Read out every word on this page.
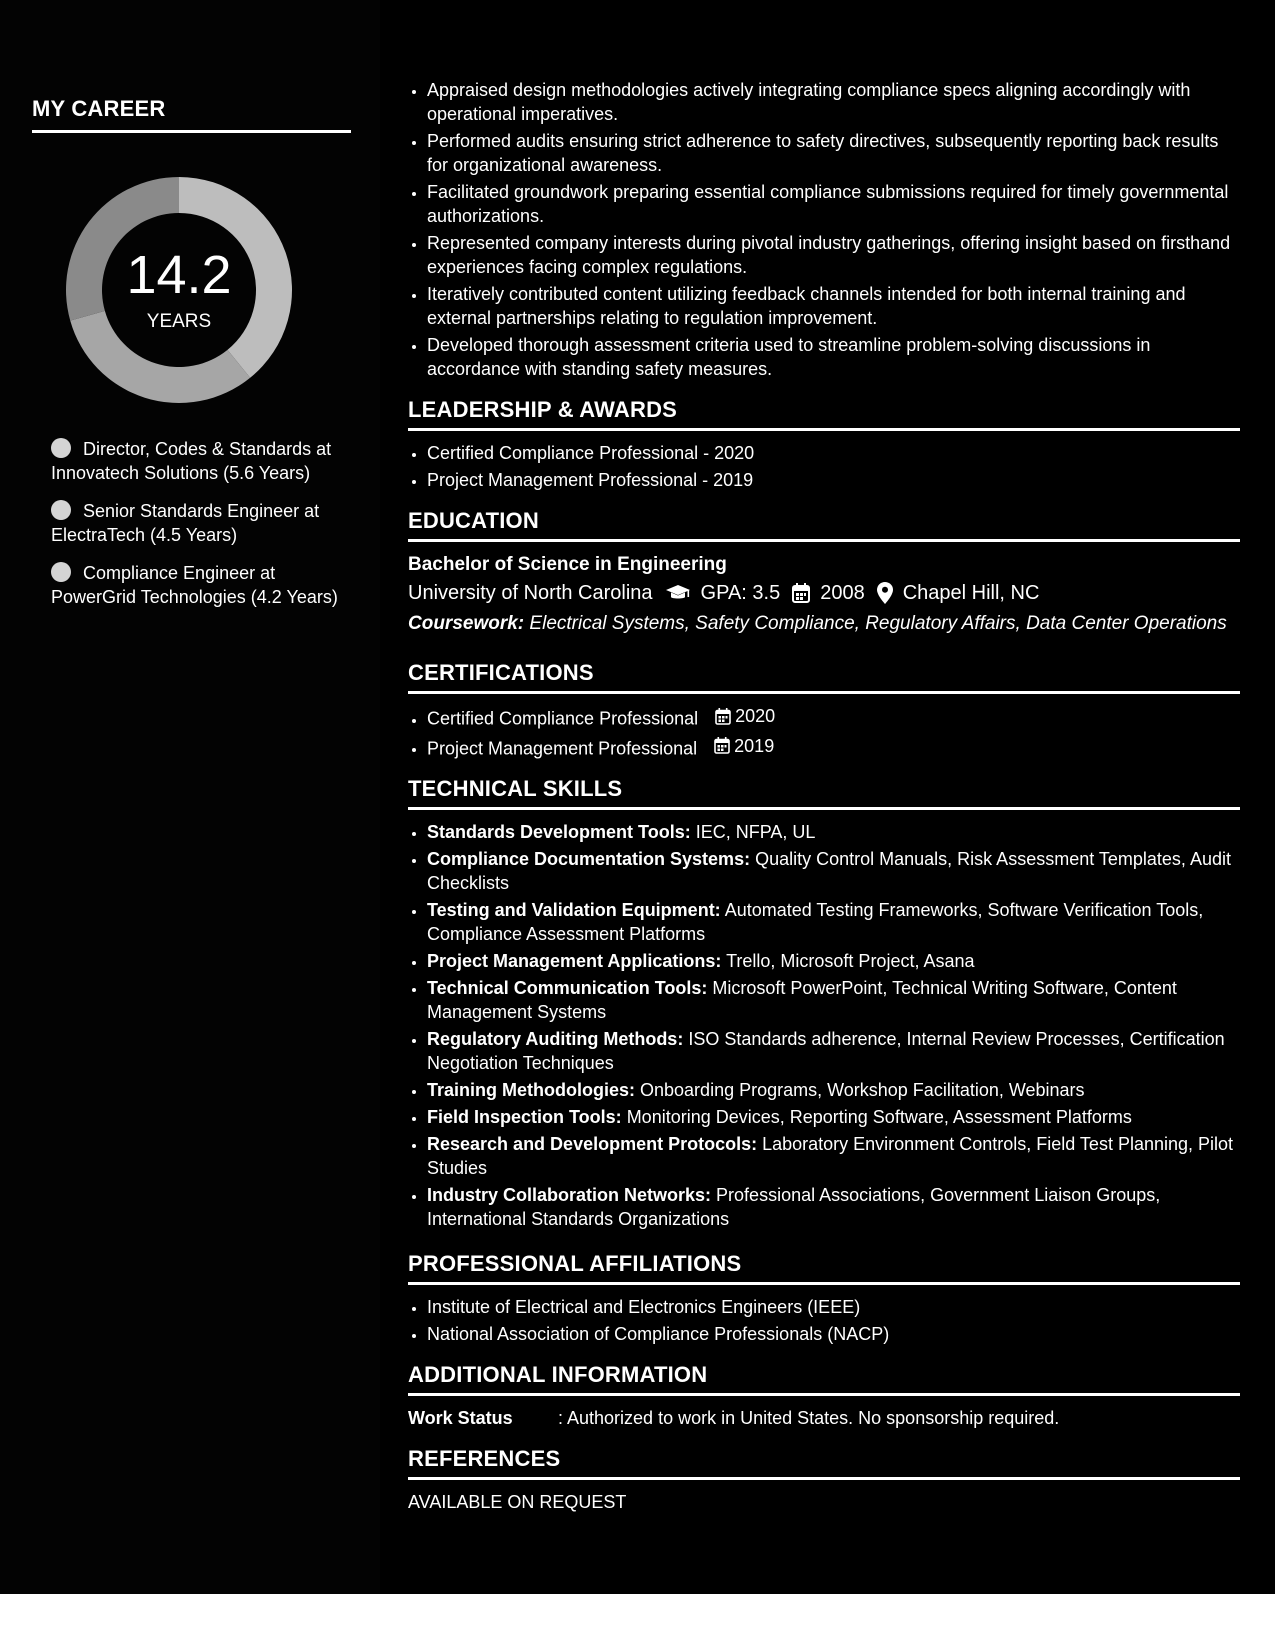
MY CAREER
14.2
YEARS
Director, Codes & Standards at Innovatech Solutions (5.6 Years)
Senior Standards Engineer at ElectraTech (4.5 Years)
Compliance Engineer at PowerGrid Technologies (4.2 Years)
• Appraised design methodologies actively integrating compliance specs aligning accordingly with operational imperatives.
• Performed audits ensuring strict adherence to safety directives, subsequently reporting back results for organizational awareness.
• Facilitated groundwork preparing essential compliance submissions required for timely governmental authorizations.
• Represented company interests during pivotal industry gatherings, offering insight based on firsthand experiences facing complex regulations.
• Iteratively contributed content utilizing feedback channels intended for both internal training and external partnerships relating to regulation improvement.
• Developed thorough assessment criteria used to streamline problem-solving discussions in accordance with standing safety measures.
LEADERSHIP & AWARDS
• Certified Compliance Professional - 2020
• Project Management Professional - 2019
EDUCATION
Bachelor of Science in Engineering
University of North Carolina GPA: 3.5 2008 Chapel Hill, NC
Coursework: Electrical Systems, Safety Compliance, Regulatory Affairs, Data Center Operations
CERTIFICATIONS
• Certified Compliance Professional 2020
• Project Management Professional 2019
TECHNICAL SKILLS
• Standards Development Tools: IEC, NFPA, UL
• Compliance Documentation Systems: Quality Control Manuals, Risk Assessment Templates, Audit Checklists
• Testing and Validation Equipment: Automated Testing Frameworks, Software Verification Tools, Compliance Assessment Platforms
• Project Management Applications: Trello, Microsoft Project, Asana
• Technical Communication Tools: Microsoft PowerPoint, Technical Writing Software, Content Management Systems
• Regulatory Auditing Methods: ISO Standards adherence, Internal Review Processes, Certification Negotiation Techniques
• Training Methodologies: Onboarding Programs, Workshop Facilitation, Webinars
• Field Inspection Tools: Monitoring Devices, Reporting Software, Assessment Platforms
• Research and Development Protocols: Laboratory Environment Controls, Field Test Planning, Pilot Studies
• Industry Collaboration Networks: Professional Associations, Government Liaison Groups, International Standards Organizations
PROFESSIONAL AFFILIATIONS
• Institute of Electrical and Electronics Engineers (IEEE)
• National Association of Compliance Professionals (NACP)
ADDITIONAL INFORMATION
Work Status	: Authorized to work in United States. No sponsorship required.
REFERENCES
AVAILABLE ON REQUEST
